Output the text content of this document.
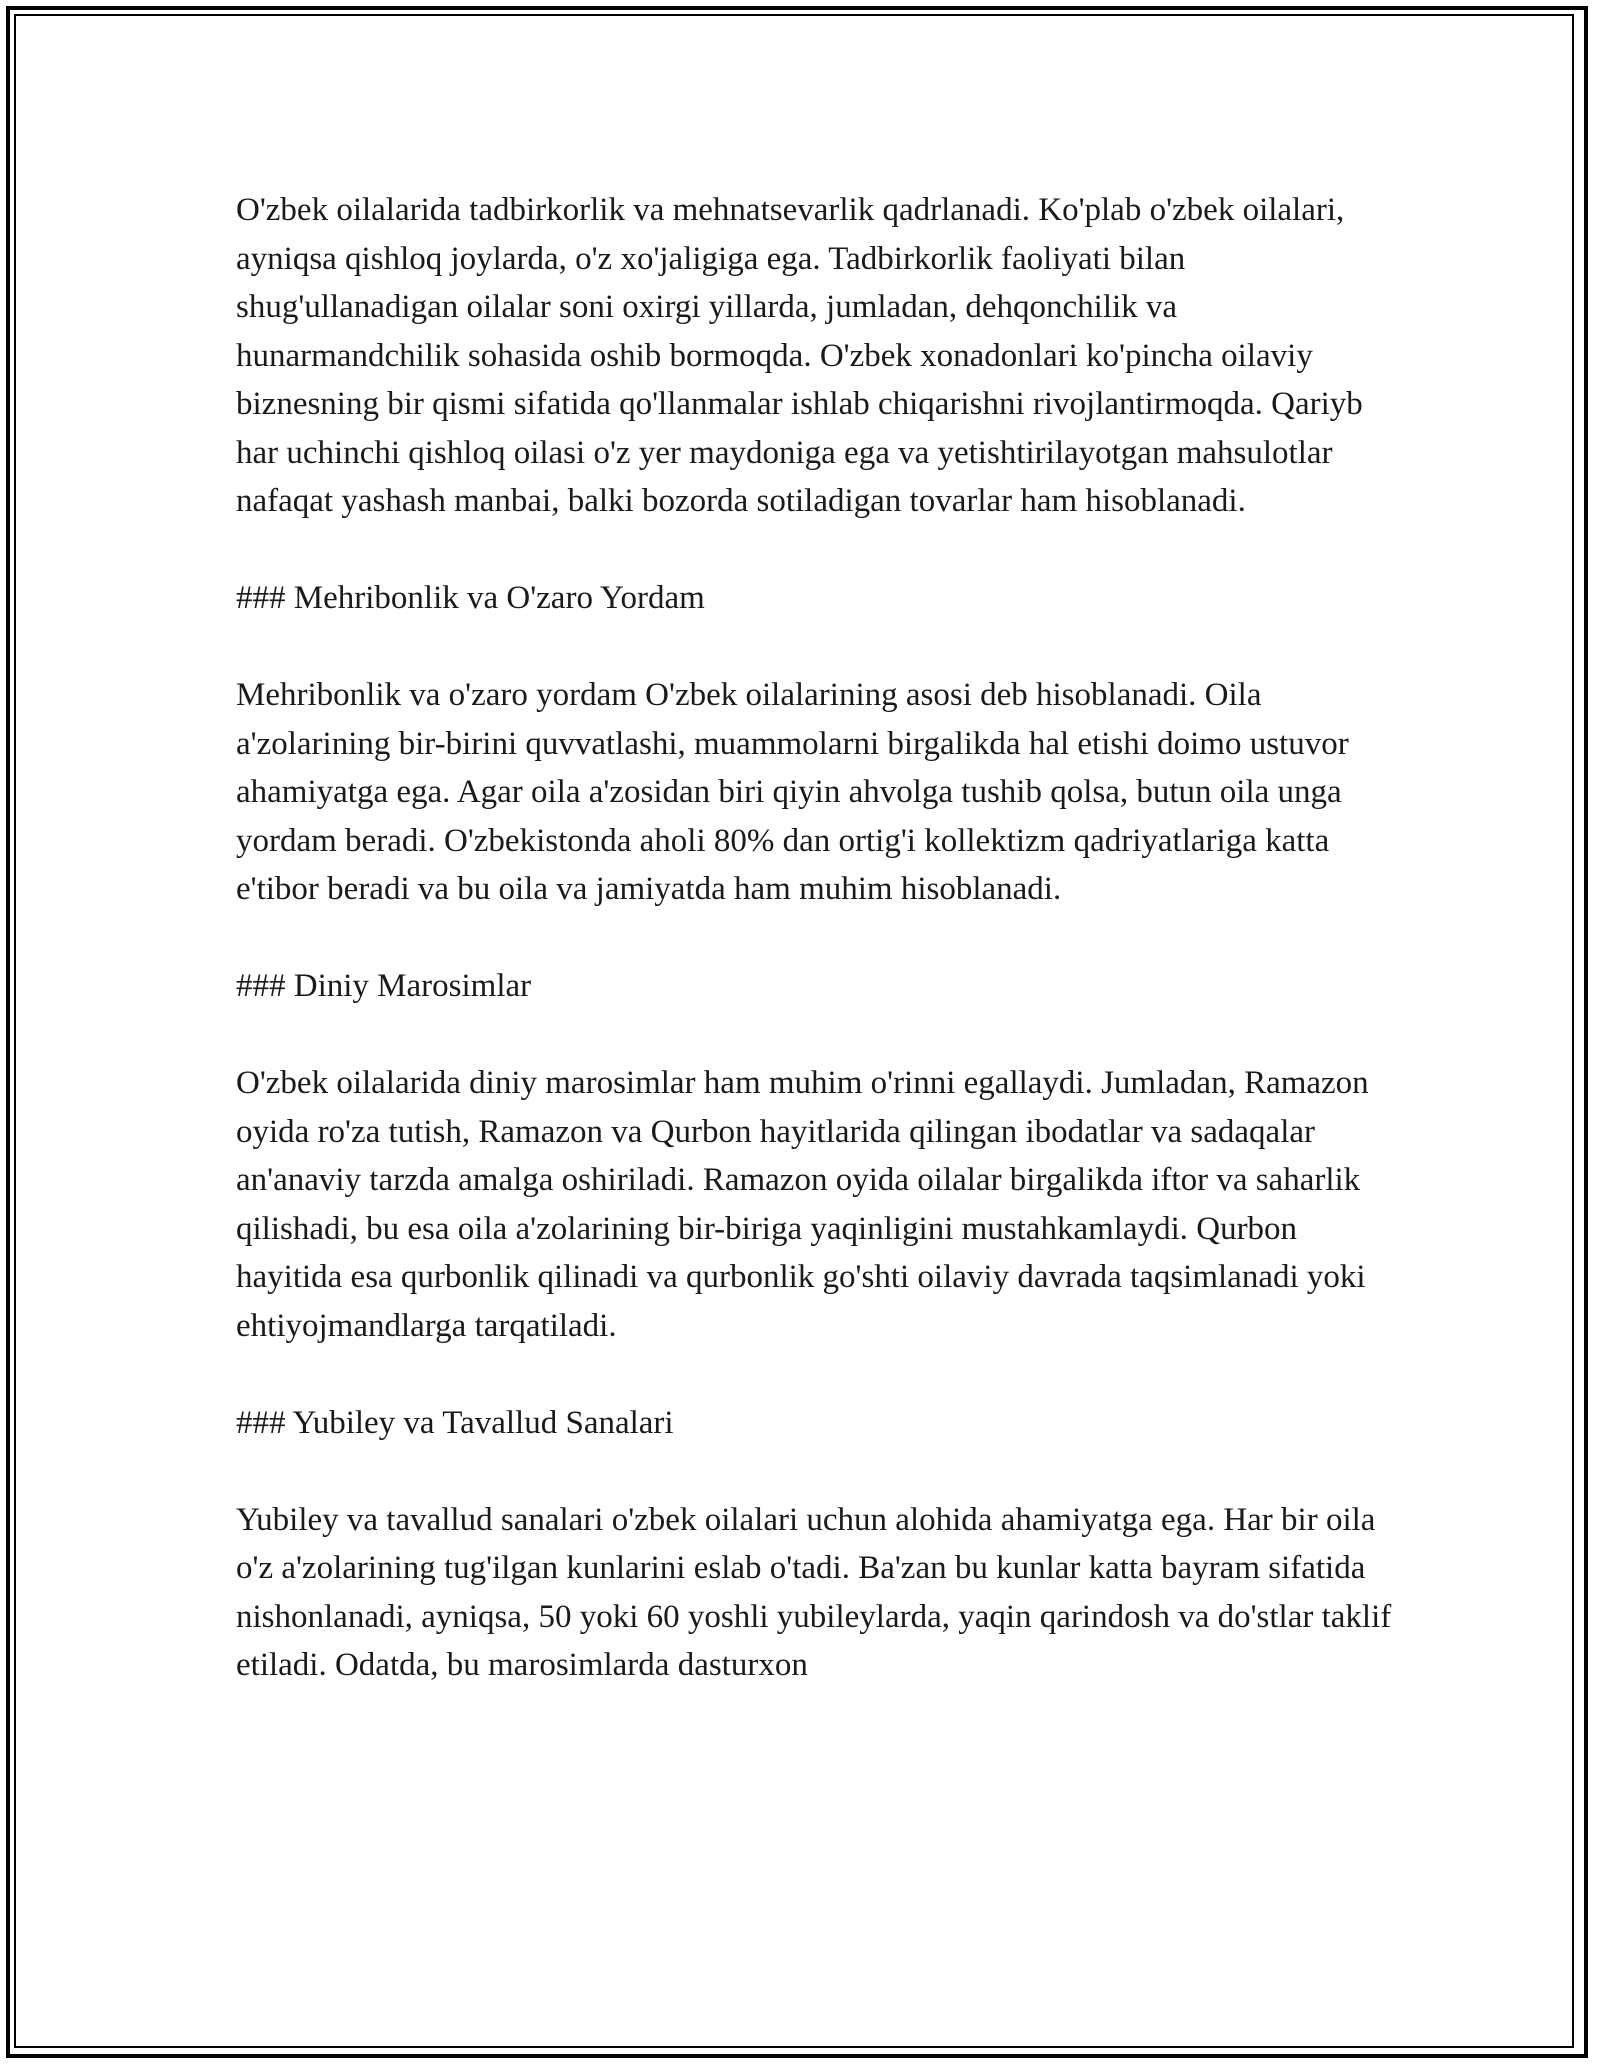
O'zbek oilalarida tadbirkorlik va mehnatsevarlik qadrlanadi. Ko'plab o'zbek oilalari, ayniqsa qishloq joylarda, o'z xo'jaligiga ega. Tadbirkorlik faoliyati bilan shug'ullanadigan oilalar soni oxirgi yillarda, jumladan, dehqonchilik va hunarmandchilik sohasida oshib bormoqda. O'zbek xonadonlari ko'pincha oilaviy biznesning bir qismi sifatida qo'llanmalar ishlab chiqarishni rivojlantirmoqda. Qariyb har uchinchi qishloq oilasi o'z yer maydoniga ega va yetishtirilayotgan mahsulotlar nafaqat yashash manbai, balki bozorda sotiladigan tovarlar ham hisoblanadi.

### Mehribonlik va O'zaro Yordam

Mehribonlik va o'zaro yordam O'zbek oilalarining asosi deb hisoblanadi. Oila a'zolarining bir-birini quvvatlashi, muammolarni birgalikda hal etishi doimo ustuvor ahamiyatga ega. Agar oila a'zosidan biri qiyin ahvolga tushib qolsa, butun oila unga yordam beradi. O'zbekistonda aholi 80% dan ortig'i kollektizm qadriyatlariga katta e'tibor beradi va bu oila va jamiyatda ham muhim hisoblanadi.

### Diniy Marosimlar

O'zbek oilalarida diniy marosimlar ham muhim o'rinni egallaydi. Jumladan, Ramazon oyida ro'za tutish, Ramazon va Qurbon hayitlarida qilingan ibodatlar va sadaqalar an'anaviy tarzda amalga oshiriladi. Ramazon oyida oilalar birgalikda iftor va saharlik qilishadi, bu esa oila a'zolarining bir-biriga yaqinligini mustahkamlaydi. Qurbon hayitida esa qurbonlik qilinadi va qurbonlik go'shti oilaviy davrada taqsimlanadi yoki ehtiyojmandlarga tarqatiladi.

### Yubiley va Tavallud Sanalari

Yubiley va tavallud sanalari o'zbek oilalari uchun alohida ahamiyatga ega. Har bir oila o'z a'zolarining tug'ilgan kunlarini eslab o'tadi. Ba'zan bu kunlar katta bayram sifatida nishonlanadi, ayniqsa, 50 yoki 60 yoshli yubileylarda, yaqin qarindosh va do'stlar taklif etiladi. Odatda, bu marosimlarda dasturxon
